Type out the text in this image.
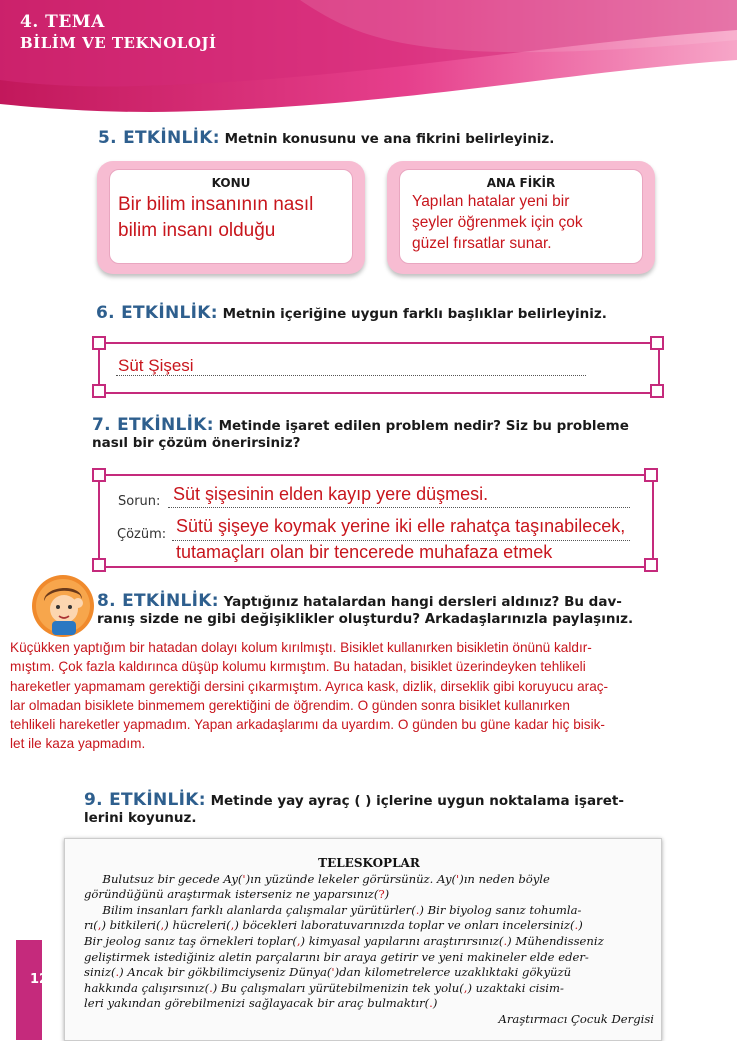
4. TEMA
BİLİM VE TEKNOLOJİ
5. ETKİNLİK: Metnin konusunu ve ana fikrini belirleyiniz.
KONU
Bir bilim insanının nasıl
bilim insanı olduğu
ANA FİKİR
Yapılan hatalar yeni bir
şeyler öğrenmek için çok
güzel fırsatlar sunar.
6. ETKİNLİK: Metnin içeriğine uygun farklı başlıklar belirleyiniz.
Süt Şişesi
7. ETKİNLİK: Metinde işaret edilen problem nedir? Siz bu probleme
nasıl bir çözüm önerirsiniz?
Sorun: Süt şişesinin elden kayıp yere düşmesi.
Çözüm: Sütü şişeye koymak yerine iki elle rahatça taşınabilecek,
tutamaçları olan bir tencerede muhafaza etmek
8. ETKİNLİK: Yaptığınız hatalardan hangi dersleri aldınız? Bu dav-
ranış sizde ne gibi değişiklikler oluşturdu? Arkadaşlarınızla paylaşınız.
Küçükken yaptığım bir hatadan dolayı kolum kırılmıştı. Bisiklet kullanırken bisikletin önünü kaldır-
mıştım. Çok fazla kaldırınca düşüp kolumu kırmıştım. Bu hatadan, bisiklet üzerindeyken tehlikeli
hareketler yapmamam gerektiği dersini çıkarmıştım. Ayrıca kask, dizlik, dirseklik gibi koruyucu araç-
lar olmadan bisiklete binmemem gerektiğini de öğrendim. O günden sonra bisiklet kullanırken
tehlikeli hareketler yapmadım. Yapan arkadaşlarımı da uyardım. O günden bu güne kadar hiç bisik-
let ile kaza yapmadım.
9. ETKİNLİK: Metinde yay ayraç ( ) içlerine uygun noktalama işaret-
lerini koyunuz.
TELESKOPLAR
Bulutsuz bir gecede Ay(')ın yüzünde lekeler görürsünüz. Ay(')ın neden böyle
göründüğünü araştırmak isterseniz ne yaparsınız(?)
Bilim insanları farklı alanlarda çalışmalar yürütürler(.) Bir biyolog sanız tohumla-
rı(,) bitkileri(,) hücreleri(,) böcekleri laboratuvarınızda toplar ve onları incelersiniz(.)
Bir jeolog sanız taş örnekleri toplar(,) kimyasal yapılarını araştırırsınız(.) Mühendisseniz
geliştirmek istediğiniz aletin parçalarını bir araya getirir ve yeni makineler elde eder-
siniz(.) Ancak bir gökbilimciyseniz Dünya(')dan kilometrelerce uzaklıktaki gökyüzü
hakkında çalışırsınız(.) Bu çalışmaları yürütebilmenizin tek yolu(,) uzaktaki cisim-
leri yakından görebilmenizi sağlayacak bir araç bulmaktır(.)
Araştırmacı Çocuk Dergisi
12
